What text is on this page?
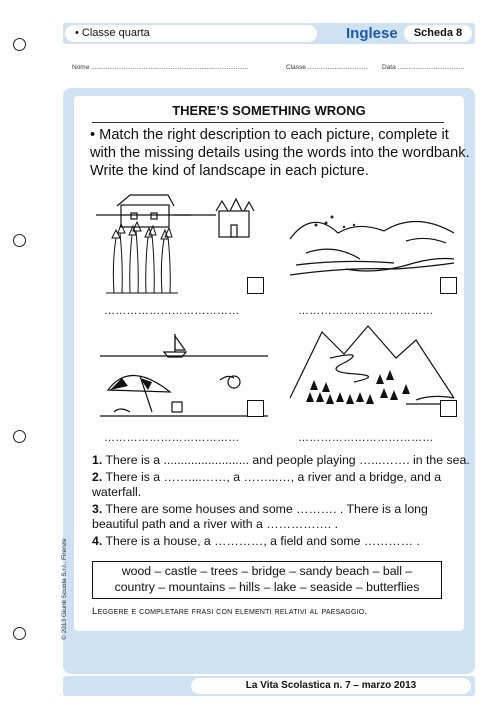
• Classe quarta	Inglese	Scheda 8
Nome .......................................................................................	Classe ................................. Data .....................................
THERE’S SOMETHING WRONG
• Match the right description to each picture, complete it with the missing details using the words into the wordbank. Write the kind of landscape in each picture.
………………………………	………………………………
………………………………	………………………………

1. There is a ......................... and people playing …...……. in the sea.

2. There is a ……....……, a ……...…, a river and a bridge, and a waterfall.

3. There are some houses and some ………. . There is a long beautiful path and a river with a ……………. .

4. There is a house, a …………, a field and some ………… .

wood – castle – trees – bridge – sandy beach – ball –
country – mountains – hills – lake – seaside – butterflies
Leggere e completare frasi con elementi relativi al paesaggio.
© 2013 Giunti Scuola S.r.l., Firenze
La Vita Scolastica n. 7 – marzo 2013
